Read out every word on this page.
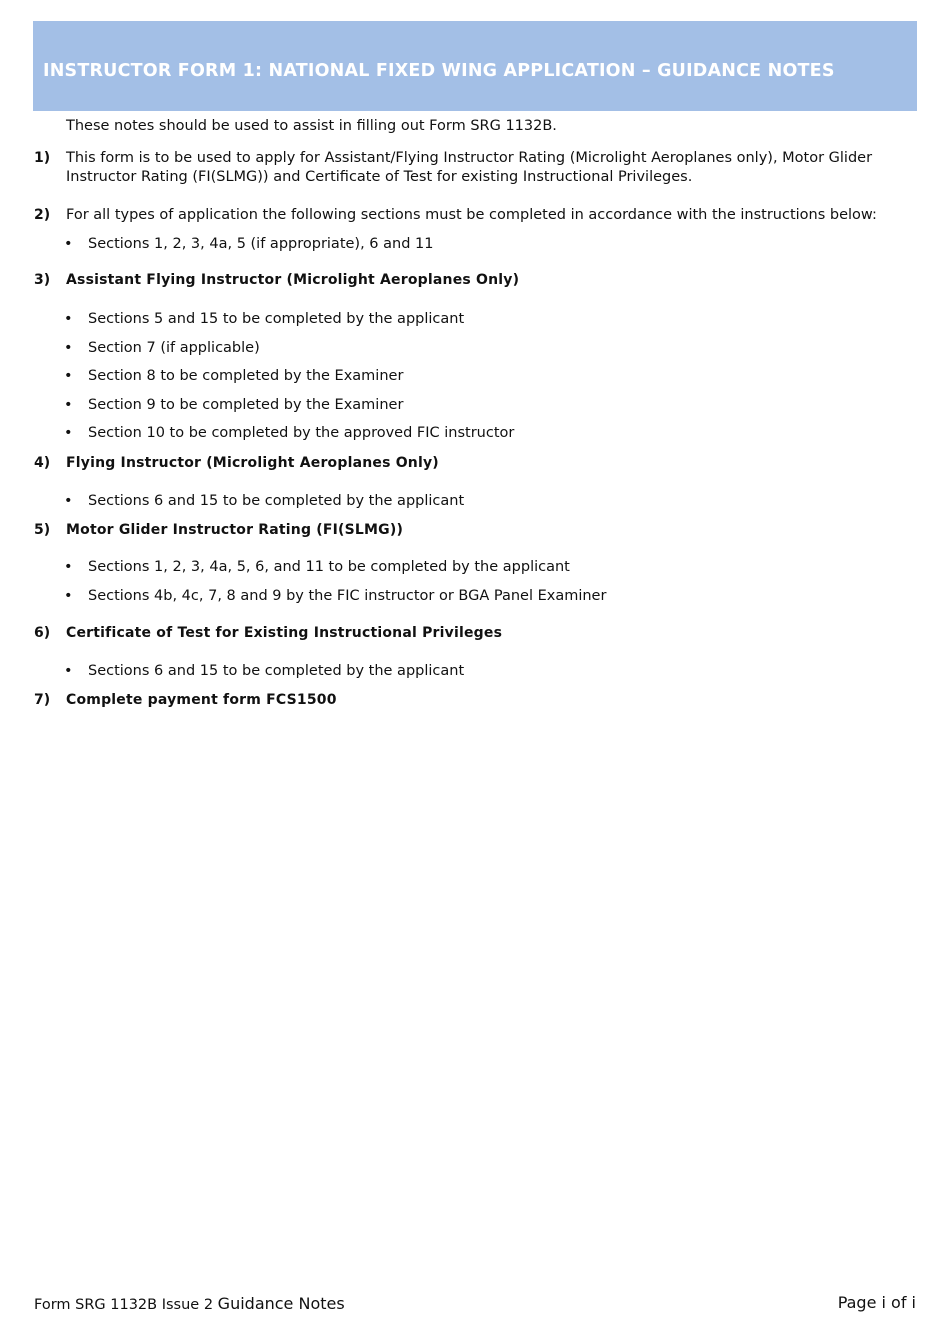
INSTRUCTOR FORM 1: NATIONAL FIXED WING APPLICATION – GUIDANCE NOTES
These notes should be used to assist in filling out Form SRG 1132B.
1) This form is to be used to apply for Assistant/Flying Instructor Rating (Microlight Aeroplanes only), Motor Glider Instructor Rating (FI(SLMG)) and Certificate of Test for existing Instructional Privileges.
2) For all types of application the following sections must be completed in accordance with the instructions below:
• Sections 1, 2, 3, 4a, 5 (if appropriate), 6 and 11
3) Assistant Flying Instructor (Microlight Aeroplanes Only)
• Sections 5 and 15 to be completed by the applicant
• Section 7 (if applicable)
• Section 8 to be completed by the Examiner
• Section 9 to be completed by the Examiner
• Section 10 to be completed by the approved FIC instructor
4) Flying Instructor (Microlight Aeroplanes Only)
• Sections 6 and 15 to be completed by the applicant
5) Motor Glider Instructor Rating (FI(SLMG))
• Sections 1, 2, 3, 4a, 5, 6, and 11 to be completed by the applicant
• Sections 4b, 4c, 7, 8 and 9 by the FIC instructor or BGA Panel Examiner
6) Certificate of Test for Existing Instructional Privileges
• Sections 6 and 15 to be completed by the applicant
7) Complete payment form FCS1500
Form SRG 1132B Issue 2 Guidance Notes	Page i of i
